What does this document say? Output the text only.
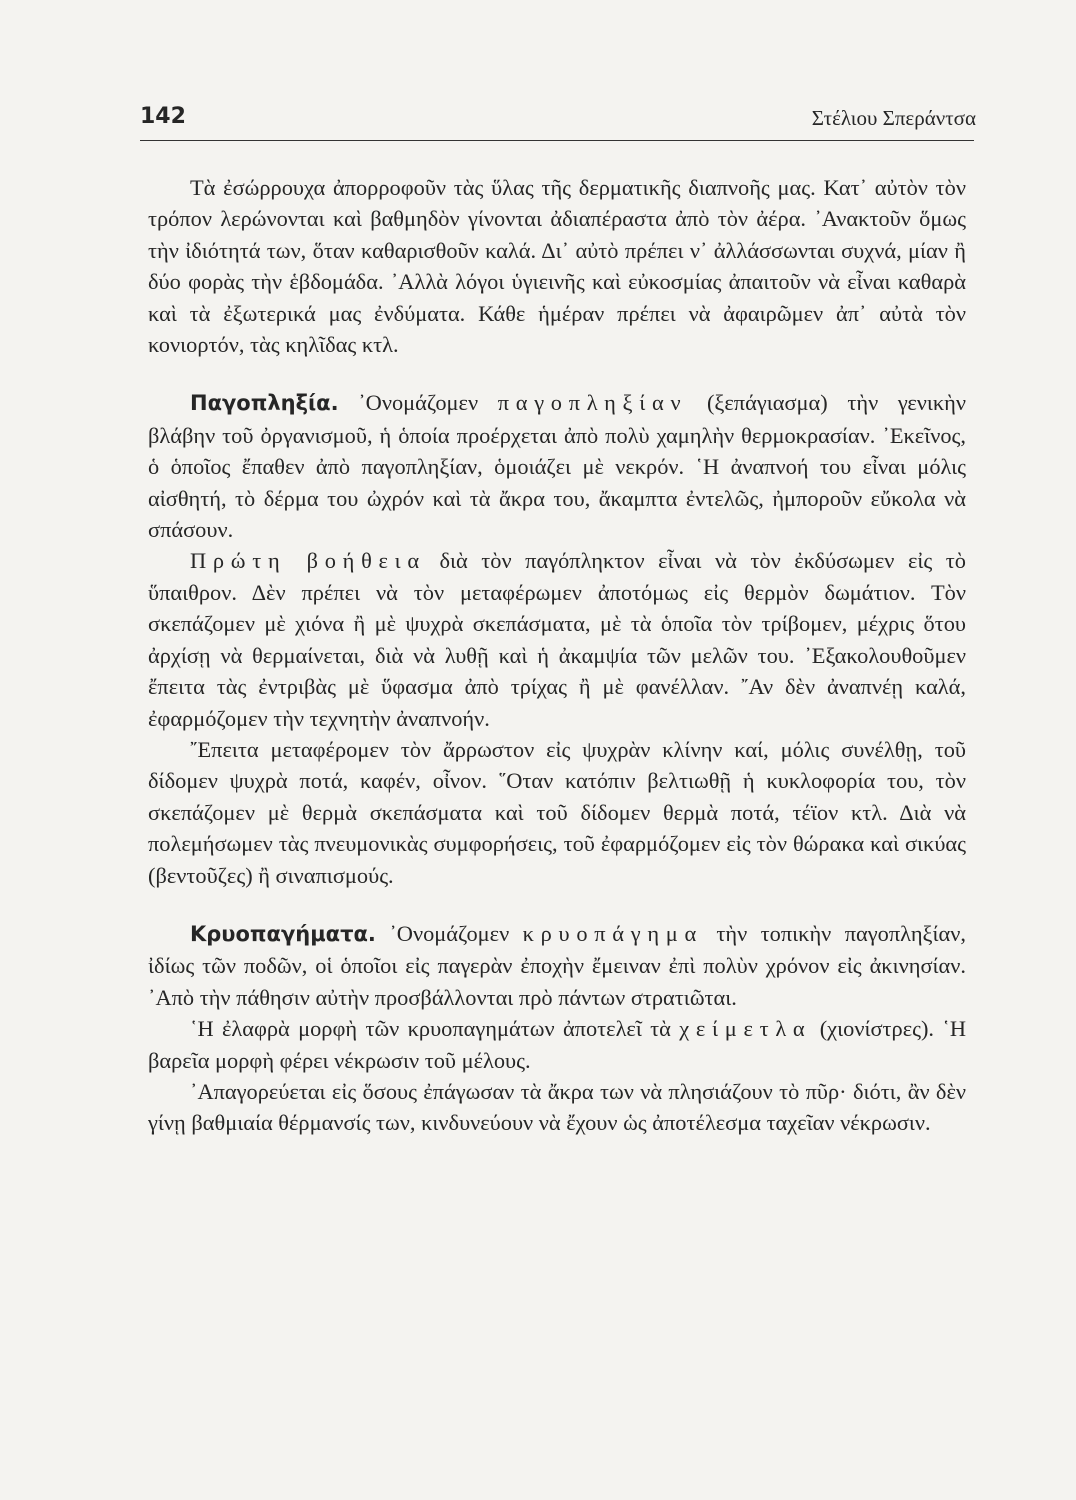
142	Στέλιου Σπεράντσα

Τὰ ἐσώρρουχα ἀπορροφοῦν τὰς ὕλας τῆς δερματικῆς διαπνοῆς μας. Κατ᾿ αὐτὸν τὸν τρόπον λερώνονται καὶ βαθμηδὸν γίνονται ἀδιαπέραστα ἀπὸ τὸν ἀέρα. ᾿Ανακτοῦν ὅμως τὴν ἰδιότητά των, ὅταν καθαρισθοῦν καλά. Δι᾿ αὐτὸ πρέπει ν᾿ ἀλλάσσωνται συχνά, μίαν ἢ δύο φορὰς τὴν ἑβδομάδα. ᾿Αλλὰ λόγοι ὑγιεινῆς καὶ εὐκοσμίας ἀπαιτοῦν νὰ εἶναι καθαρὰ καὶ τὰ ἐξωτερικά μας ἐνδύματα. Κάθε ἡμέραν πρέπει νὰ ἀφαιρῶμεν ἀπ᾿ αὐτὰ τὸν κονιορτόν, τὰς κηλῖδας κτλ.

Παγοπληξία. ᾿Ονομάζομεν παγοπληξίαν (ξεπάγιασμα) τὴν γενικὴν βλάβην τοῦ ὀργανισμοῦ, ἡ ὁποία προέρχεται ἀπὸ πολὺ χαμηλὴν θερμοκρασίαν. ᾿Εκεῖνος, ὁ ὁποῖος ἔπαθεν ἀπὸ παγοπληξίαν, ὁμοιάζει μὲ νεκρόν. ῾Η ἀναπνοή του εἶναι μόλις αἰσθητή, τὸ δέρμα του ὠχρόν καὶ τὰ ἄκρα του, ἄκαμπτα ἐντελῶς, ἠμποροῦν εὔκολα νὰ σπάσουν.

Πρώτη βοήθεια διὰ τὸν παγόπληκτον εἶναι νὰ τὸν ἐκδύσωμεν εἰς τὸ ὕπαιθρον. Δὲν πρέπει νὰ τὸν μεταφέρωμεν ἀποτόμως εἰς θερμὸν δωμάτιον. Τὸν σκεπάζομεν μὲ χιόνα ἢ μὲ ψυχρὰ σκεπάσματα, μὲ τὰ ὁποῖα τὸν τρίβομεν, μέχρις ὅτου ἀρχίσῃ νὰ θερμαίνεται, διὰ νὰ λυθῇ καὶ ἡ ἀκαμψία τῶν μελῶν του. ᾿Εξακολουθοῦμεν ἔπειτα τὰς ἐντριβὰς μὲ ὕφασμα ἀπὸ τρίχας ἢ μὲ φανέλλαν. ῎Αν δὲν ἀναπνέῃ καλά, ἐφαρμόζομεν τὴν τεχνητὴν ἀναπνοήν.

῎Επειτα μεταφέρομεν τὸν ἄρρωστον εἰς ψυχρὰν κλίνην καί, μόλις συνέλθῃ, τοῦ δίδομεν ψυχρὰ ποτά, καφέν, οἶνον. ῞Οταν κατόπιν βελτιωθῇ ἡ κυκλοφορία του, τὸν σκεπάζομεν μὲ θερμὰ σκεπάσματα καὶ τοῦ δίδομεν θερμὰ ποτά, τέϊον κτλ. Διὰ νὰ πολεμήσωμεν τὰς πνευμονικὰς συμφορήσεις, τοῦ ἐφαρμόζομεν εἰς τὸν θώρακα καὶ σικύας (βεντοῦζες) ἢ σιναπισμούς.

Κρυοπαγήματα. ᾿Ονομάζομεν κρυοπάγημα τὴν τοπικὴν παγοπληξίαν, ἰδίως τῶν ποδῶν, οἱ ὁποῖοι εἰς παγερὰν ἐποχὴν ἔμειναν ἐπὶ πολὺν χρόνον εἰς ἀκινησίαν. ᾿Απὸ τὴν πάθησιν αὐτὴν προσβάλλονται πρὸ πάντων στρατιῶται.

῾Η ἐλαφρὰ μορφὴ τῶν κρυοπαγημάτων ἀποτελεῖ τὰ χείμετλα (χιονίστρες). ῾Η βαρεῖα μορφὴ φέρει νέκρωσιν τοῦ μέλους.

᾿Απαγορεύεται εἰς ὅσους ἐπάγωσαν τὰ ἄκρα των νὰ πλησιάζουν τὸ πῦρ· διότι, ἂν δὲν γίνῃ βαθμιαία θέρμανσίς των, κινδυνεύουν νὰ ἔχουν ὡς ἀποτέλεσμα ταχεῖαν νέκρωσιν.
